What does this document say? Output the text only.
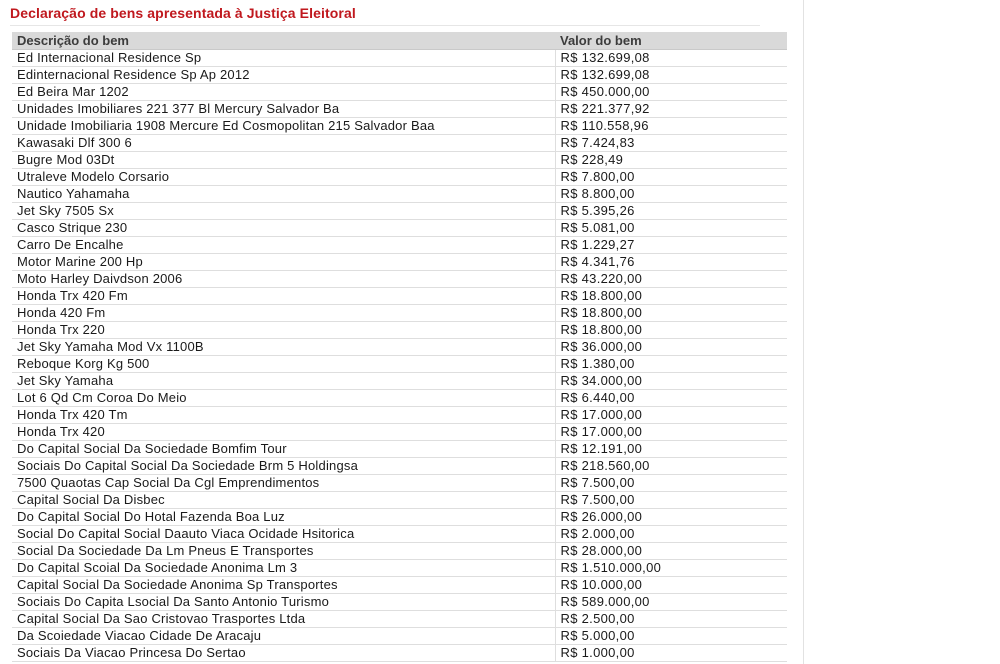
Declaração de bens apresentada à Justiça Eleitoral
Descrição do bem	Valor do bem
Ed Internacional Residence Sp	R$ 132.699,08
Edinternacional Residence Sp Ap 2012	R$ 132.699,08
Ed Beira Mar 1202	R$ 450.000,00
Unidades Imobiliares 221 377 Bl Mercury Salvador Ba	R$ 221.377,92
Unidade Imobiliaria 1908 Mercure Ed Cosmopolitan 215 Salvador Baa	R$ 110.558,96
Kawasaki Dlf 300 6	R$ 7.424,83
Bugre Mod 03Dt	R$ 228,49
Utraleve Modelo Corsario	R$ 7.800,00
Nautico Yahamaha	R$ 8.800,00
Jet Sky 7505 Sx	R$ 5.395,26
Casco Strique 230	R$ 5.081,00
Carro De Encalhe	R$ 1.229,27
Motor Marine 200 Hp	R$ 4.341,76
Moto Harley Daivdson 2006	R$ 43.220,00
Honda Trx 420 Fm	R$ 18.800,00
Honda 420 Fm	R$ 18.800,00
Honda Trx 220	R$ 18.800,00
Jet Sky Yamaha Mod Vx 1100B	R$ 36.000,00
Reboque Korg Kg 500	R$ 1.380,00
Jet Sky Yamaha	R$ 34.000,00
Lot 6 Qd Cm Coroa Do Meio	R$ 6.440,00
Honda Trx 420 Tm	R$ 17.000,00
Honda Trx 420	R$ 17.000,00
Do Capital Social Da Sociedade Bomfim Tour	R$ 12.191,00
Sociais Do Capital Social Da Sociedade Brm 5 Holdingsa	R$ 218.560,00
7500 Quaotas Cap Social Da Cgl Emprendimentos	R$ 7.500,00
Capital Social Da Disbec	R$ 7.500,00
Do Capital Social Do Hotal Fazenda Boa Luz	R$ 26.000,00
Social Do Capital Social Daauto Viaca Ocidade Hsitorica	R$ 2.000,00
Social Da Sociedade Da Lm Pneus E Transportes	R$ 28.000,00
Do Capital Scoial Da Sociedade Anonima Lm 3	R$ 1.510.000,00
Capital Social Da Sociedade Anonima Sp Transportes	R$ 10.000,00
Sociais Do Capita Lsocial Da Santo Antonio Turismo	R$ 589.000,00
Capital Social Da Sao Cristovao Trasportes Ltda	R$ 2.500,00
Da Scoiedade Viacao Cidade De Aracaju	R$ 5.000,00
Sociais Da Viacao Princesa Do Sertao	R$ 1.000,00
